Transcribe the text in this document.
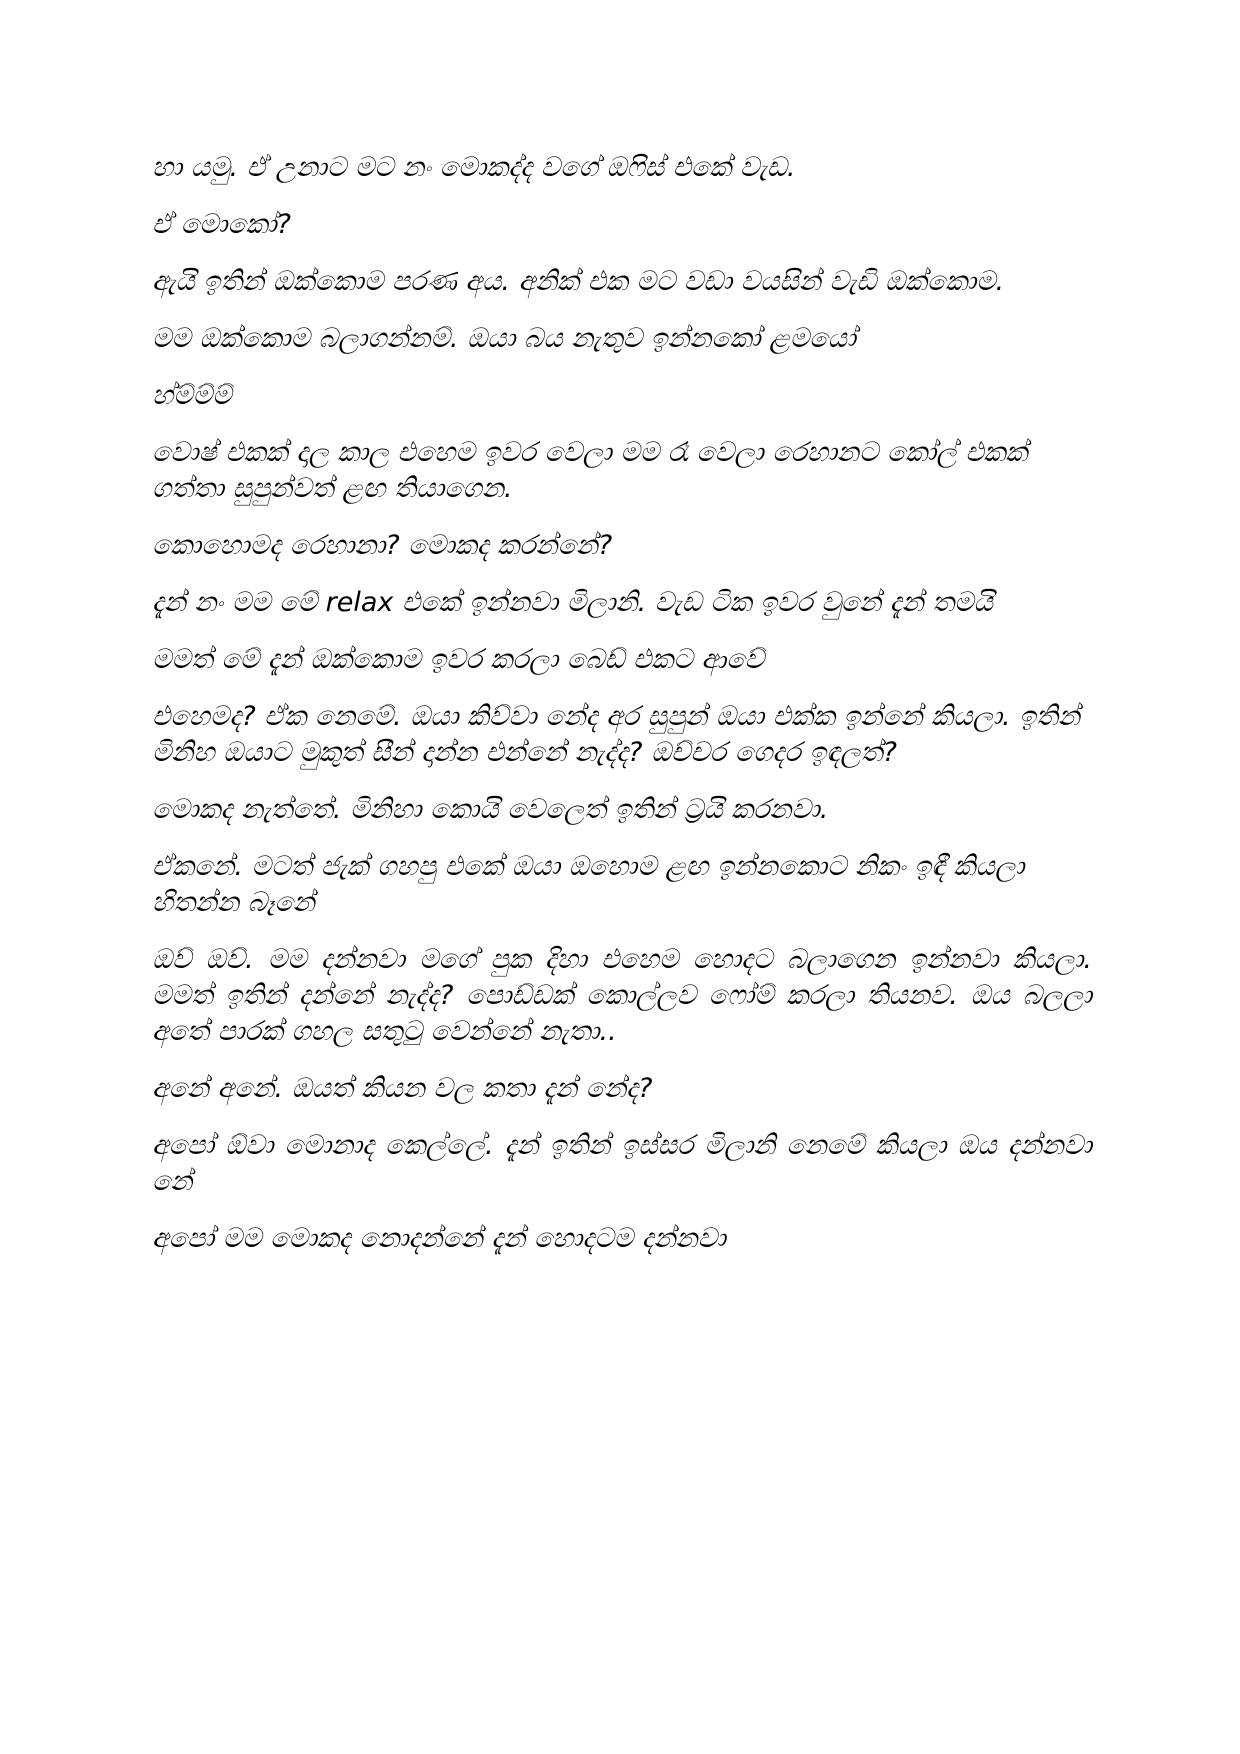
හා යමු. ඒ උනාට මට නං මොකද්ද වගේ ඔෆිස් එකේ වැඩ.

ඒ මොකෝ?

ඇයි ඉතින් ඔක්කොම පරණ අය. අනික් එක මට වඩා වයසින් වැඩි ඔක්කොම.

මම ඔක්කොම බලාගන්නම්. ඔයා බය නැතුව ඉන්නකෝ ළමයෝ

හ්ම්ම්ම්

වොෂ් එකක් දාල කාල එහෙම ඉවර වෙලා මම රෑ වෙලා රෙහානට කෝල් එකක් ගත්තා සුපුන්වත් ළඟ තියාගෙන.

කොහොමද රෙහානා? මොකද කරන්නේ?

දැන් නං මම මේ relax එකේ ඉන්නවා මිලානි. වැඩ ටික ඉවර වුනේ දැන් තමයි

මමත් මේ දැන් ඔක්කොම ඉවර කරලා බෙඩ් එකට ආවේ

එහෙමද? ඒක නෙමේ. ඔයා කිව්වා නේද අර සුපුන් ඔයා එක්ක ඉන්නේ කියලා. ඉතින් මිනිහ ඔයාට මුකුත් සීන් දාන්න එන්නේ නැද්ද? ඔච්චර ගෙදර ඉඳලත්?

මොකද නැත්තේ. මිනිහා කොයි වෙලෙත් ඉතින් ට්‍රයි කරනවා.

ඒකනේ. මටත් ජැක් ගහපු එකේ ඔයා ඔහොම ළඟ ඉන්නකොට නිකං ඉඳී කියලා හිතන්න බෑනේ

ඔව් ඔව්. මම දන්නවා මගේ පුක දිහා එහෙම හොදට බලාගෙන ඉන්නවා කියලා. මමත් ඉතින් දන්නේ නැද්ද? පොඩ්ඩක් කොල්ලව ෆෝම් කරලා තියනව. ඔය බලලා අතේ පාරක් ගහල සතුටු වෙන්නේ නැතා..

අනේ අනේ. ඔයත් කියන වල කතා දැන් නේද?

අපෝ ඕවා මොනාද කෙල්ලේ. දැන් ඉතින් ඉස්සර මිලානි නෙමේ කියලා ඔය දන්නවා නේ

අපෝ මම මොකද නොදන්නේ දැන් හොදටම දන්නවා
